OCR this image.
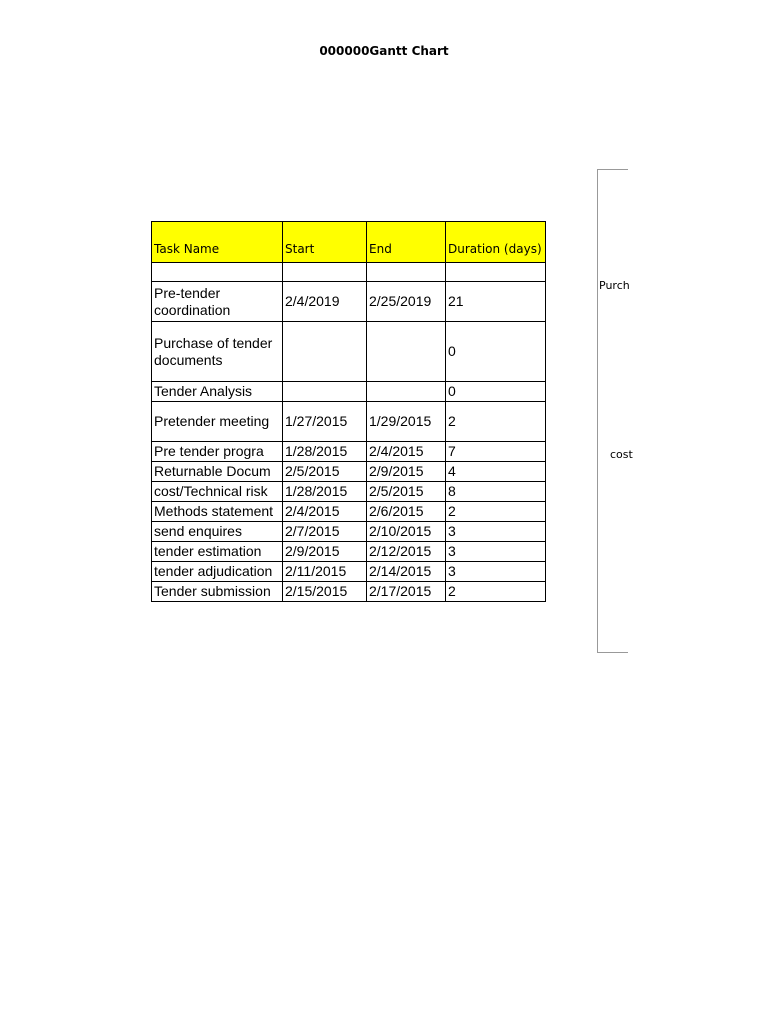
000000Gantt Chart
Task Name	Start	End	Duration (days)

Pre-tender coordination	2/4/2019	2/25/2019	21
Purchase of tender documents			0
Tender Analysis			0
Pretender meeting	1/27/2015	1/29/2015	2
Pre tender progra	1/28/2015	2/4/2015	7
Returnable Docum	2/5/2015	2/9/2015	4
cost/Technical risk	1/28/2015	2/5/2015	8
Methods statement	2/4/2015	2/6/2015	2
send enquires	2/7/2015	2/10/2015	3
tender estimation	2/9/2015	2/12/2015	3
tender adjudication	2/11/2015	2/14/2015	3
Tender submission	2/15/2015	2/17/2015	2
Purch
cost
